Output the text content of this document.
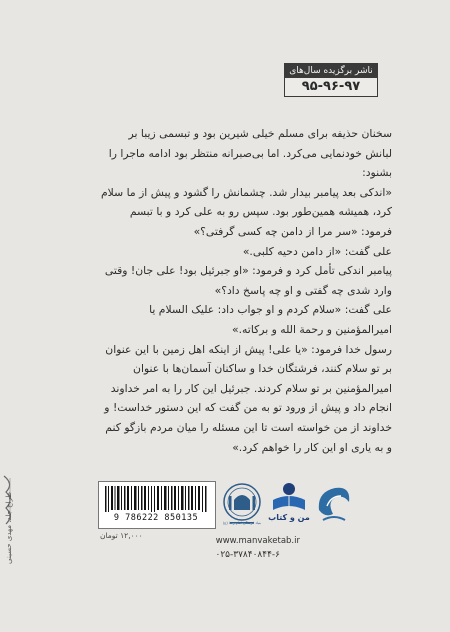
ناشر برگزیده سال‌های
۹۵-۹۶-۹۷

سخنان حذیفه برای مسلم خیلی شیرین بود و تبسمی زیبا بر لبانش خودنمایی می‌کرد. اما بی‌صبرانه منتظر بود ادامه ماجرا را بشنود:

«اندکی بعد پیامبر بیدار شد. چشمانش را گشود و پیش از ما سلام کرد، همیشه همین‌طور بود. سپس رو به علی کرد و با تبسم فرمود: «سر مرا از دامن چه کسی گرفتی؟»

علی گفت: «از دامن دحیه کلبی.»

پیامبر اندکی تأمل کرد و فرمود: «او جبرئیل بود! علی جان! وقتی وارد شدی چه گفتی و او چه پاسخ داد؟»

علی گفت: «سلام کردم و او جواب داد: علیک السلام یا امیرالمؤمنین و رحمة الله و برکاته.»

رسول خدا فرمود: «یا علی! پیش از اینکه اهل زمین با این عنوان بر تو سلام کنند، فرشتگان خدا و ساکنان آسمان‌ها با عنوان امیرالمؤمنین بر تو سلام کردند. جبرئیل این کار را به امر خداوند انجام داد و پیش از ورود تو به من گفت که این دستور خداست! و خداوند از من خواسته است تا این مسئله را میان مردم بازگو کنم و به یاری او این کار را خواهم کرد.»

طراح جلد: مهدی حسینی	9 786222 850135
۱۲,۰۰۰ تومان
بنیاد فرهنگی امام رضا (ع)
من و کتاب
www.manvaketab.ir
۰۲۵-۳۷۸۴۰۸۴۴-۶
